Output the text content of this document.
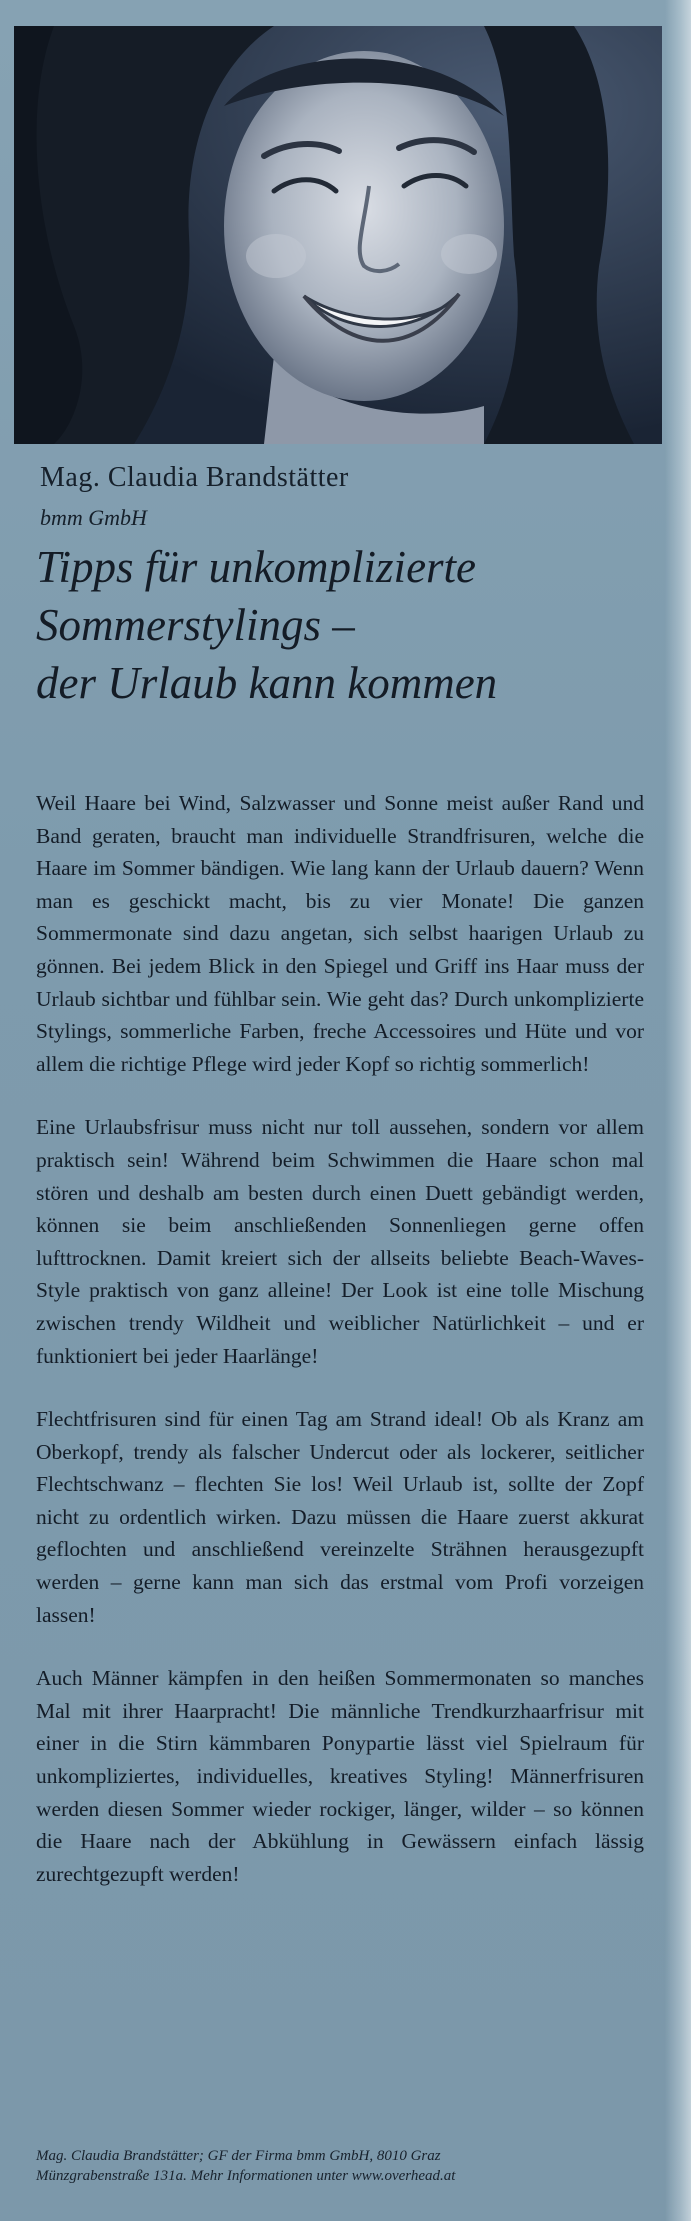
Mag. Claudia Brandstätter
bmm GmbH
Tipps für unkomplizierte
Sommerstylings –
der Urlaub kann kommen

Weil Haare bei Wind, Salzwasser und Sonne meist außer Rand und Band geraten, braucht man individuelle Strandfrisuren, welche die Haare im Sommer bändigen. Wie lang kann der Urlaub dauern? Wenn man es geschickt macht, bis zu vier Monate! Die ganzen Sommermonate sind dazu angetan, sich selbst haarigen Urlaub zu gönnen. Bei jedem Blick in den Spiegel und Griff ins Haar muss der Urlaub sichtbar und fühlbar sein. Wie geht das? Durch unkomplizierte Stylings, sommerliche Farben, freche Accessoires und Hüte und vor allem die richtige Pflege wird jeder Kopf so richtig sommerlich!

Eine Urlaubsfrisur muss nicht nur toll aussehen, sondern vor allem praktisch sein! Während beim Schwimmen die Haare schon mal stören und deshalb am besten durch einen Duett gebändigt werden, können sie beim anschließenden Sonnenliegen gerne offen lufttrocknen. Damit kreiert sich der allseits beliebte Beach-Waves-Style praktisch von ganz alleine! Der Look ist eine tolle Mischung zwischen trendy Wildheit und weiblicher Natürlichkeit – und er funktioniert bei jeder Haarlänge!

Flechtfrisuren sind für einen Tag am Strand ideal! Ob als Kranz am Oberkopf, trendy als falscher Undercut oder als lockerer, seitlicher Flechtschwanz – flechten Sie los! Weil Urlaub ist, sollte der Zopf nicht zu ordentlich wirken. Dazu müssen die Haare zuerst akkurat geflochten und anschließend vereinzelte Strähnen herausgezupft werden – gerne kann man sich das erstmal vom Profi vorzeigen lassen!

Auch Männer kämpfen in den heißen Sommermonaten so manches Mal mit ihrer Haarpracht! Die männliche Trendkurzhaarfrisur mit einer in die Stirn kämmbaren Ponypartie lässt viel Spielraum für unkompliziertes, individuelles, kreatives Styling! Männerfrisuren werden diesen Sommer wieder rockiger, länger, wilder – so können die Haare nach der Abkühlung in Gewässern einfach lässig zurechtgezupft werden!

Mag. Claudia Brandstätter; GF der Firma bmm GmbH, 8010 Graz
Münzgrabenstraße 131a. Mehr Informationen unter www.overhead.at
